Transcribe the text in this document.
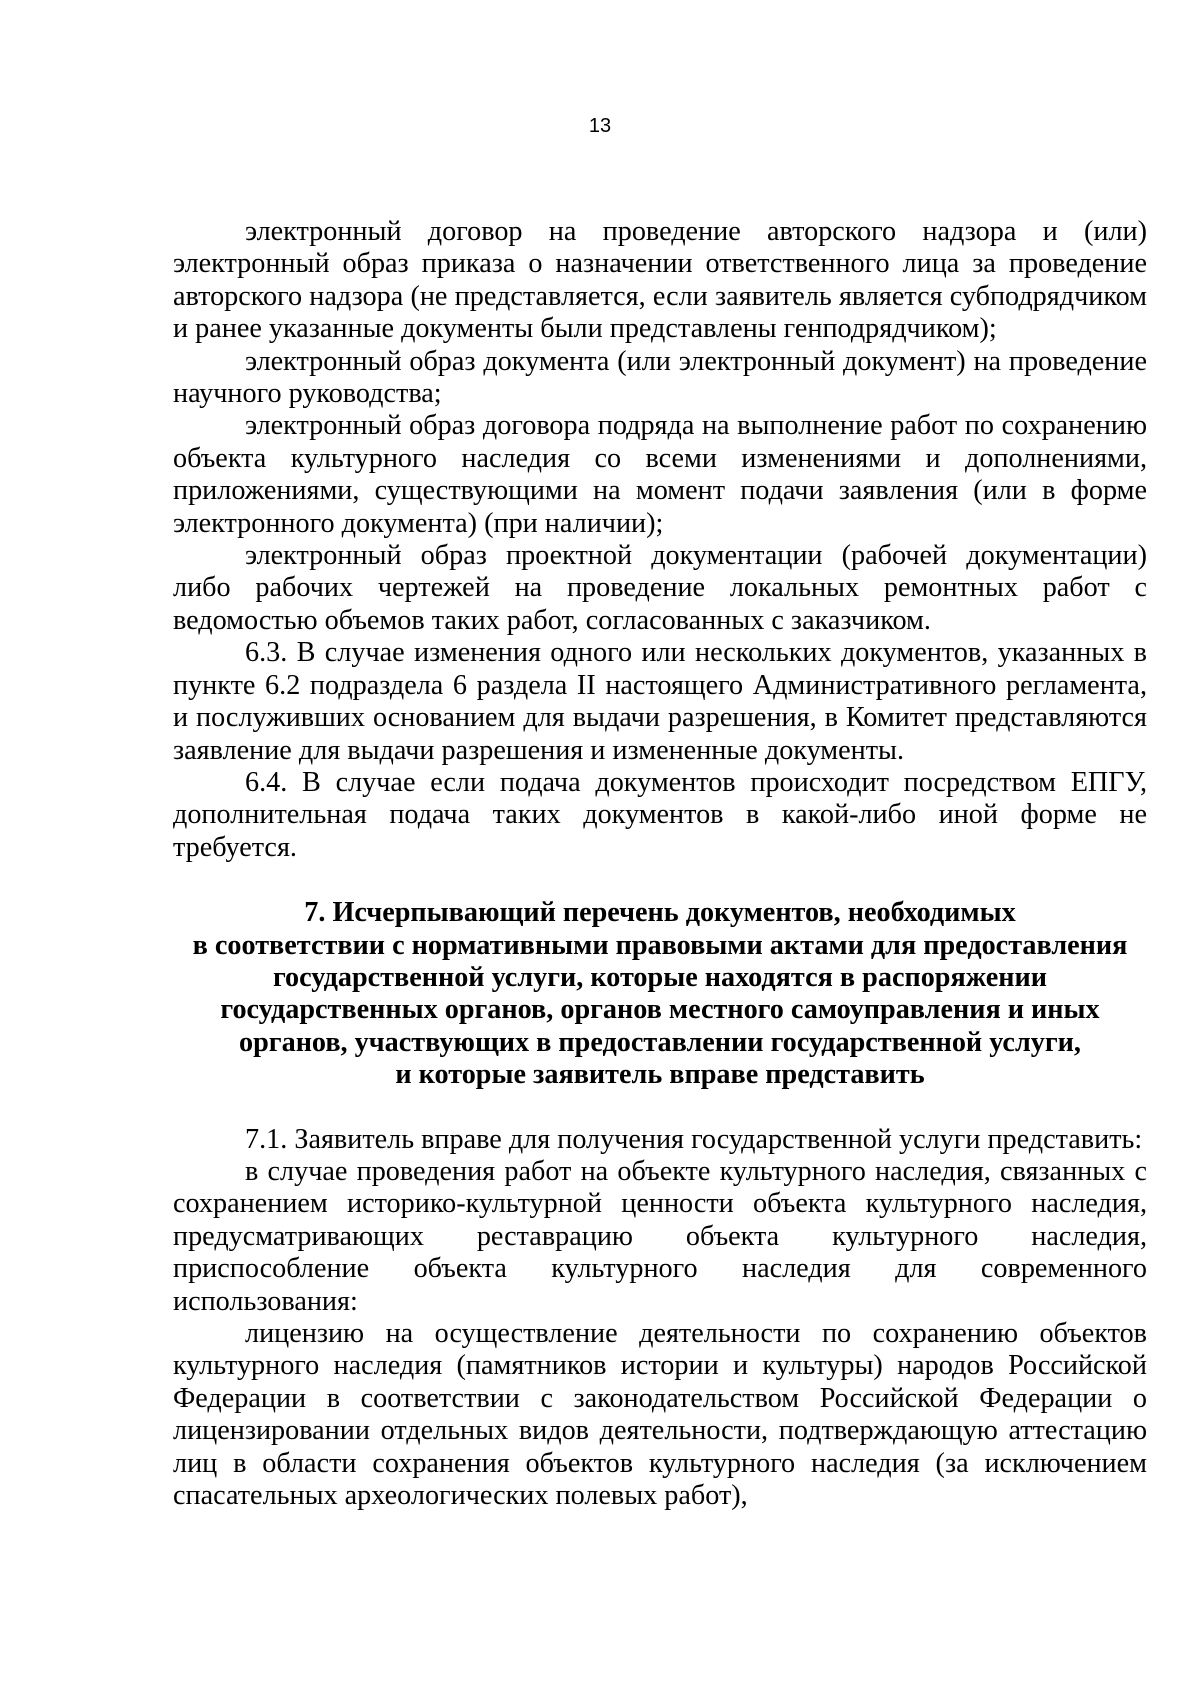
13

электронный договор на проведение авторского надзора и (или) электронный образ приказа о назначении ответственного лица за проведение авторского надзора (не представляется, если заявитель является субподрядчиком и ранее указанные документы были представлены генподрядчиком);

электронный образ документа (или электронный документ) на проведение научного руководства;

электронный образ договора подряда на выполнение работ по сохранению объекта культурного наследия со всеми изменениями и дополнениями, приложениями, существующими на момент подачи заявления (или в форме электронного документа) (при наличии);

электронный образ проектной документации (рабочей документации) либо рабочих чертежей на проведение локальных ремонтных работ с ведомостью объемов таких работ, согласованных с заказчиком.

6.3. В случае изменения одного или нескольких документов, указанных в пункте 6.2 подраздела 6 раздела II настоящего Административного регламента, и послуживших основанием для выдачи разрешения, в Комитет представляются заявление для выдачи разрешения и измененные документы.

6.4. В случае если подача документов происходит посредством ЕПГУ, дополнительная подача таких документов в какой-либо иной форме не требуется.

7. Исчерпывающий перечень документов, необходимых
в соответствии с нормативными правовыми актами для предоставления
государственной услуги, которые находятся в распоряжении
государственных органов, органов местного самоуправления и иных
органов, участвующих в предоставлении государственной услуги,
и которые заявитель вправе представить

7.1. Заявитель вправе для получения государственной услуги представить:

в случае проведения работ на объекте культурного наследия, связанных с сохранением историко-культурной ценности объекта культурного наследия, предусматривающих реставрацию объекта культурного наследия, приспособление объекта культурного наследия для современного использования:

лицензию на осуществление деятельности по сохранению объектов культурного наследия (памятников истории и культуры) народов Российской Федерации в соответствии с законодательством Российской Федерации о лицензировании отдельных видов деятельности, подтверждающую аттестацию лиц в области сохранения объектов культурного наследия (за исключением спасательных археологических полевых работ),
